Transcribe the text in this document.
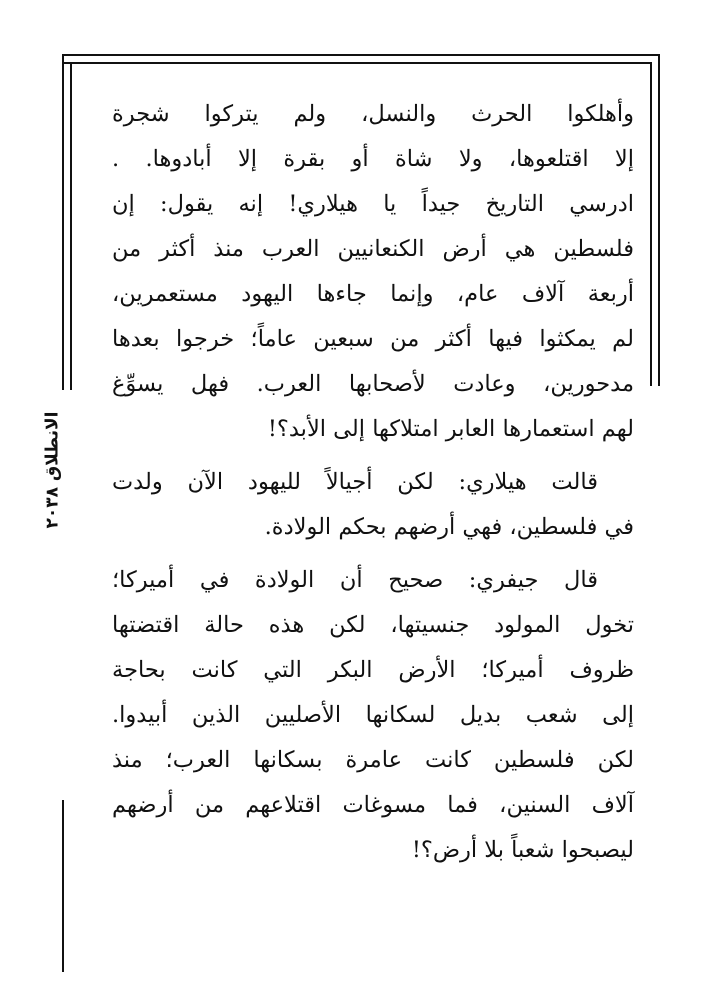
الانطلاق ٢٠٣٨

وأهلكوا الحرث والنسل، ولم يتركوا شجرة
إلا اقتلعوها، ولا شاة أو بقرة إلا أبادوها. .
ادرسي التاريخ جيداً يا هيلاري! إنه يقول: إن
فلسطين هي أرض الكنعانيين العرب منذ أكثر من
أربعة آلاف عام، وإنما جاءها اليهود مستعمرين،
لم يمكثوا فيها أكثر من سبعين عاماً؛ خرجوا بعدها
مدحورين، وعادت لأصحابها العرب. فهل يسوِّغ
لهم استعمارها العابر امتلاكها إلى الأبد؟!

قالت هيلاري: لكن أجيالاً لليهود الآن ولدت
في فلسطين، فهي أرضهم بحكم الولادة.

قال جيفري: صحيح أن الولادة في أميركا؛
تخول المولود جنسيتها، لكن هذه حالة اقتضتها
ظروف أميركا؛ الأرض البكر التي كانت بحاجة
إلى شعب بديل لسكانها الأصليين الذين أبيدوا.
لكن فلسطين كانت عامرة بسكانها العرب؛ منذ
آلاف السنين، فما مسوغات اقتلاعهم من أرضهم
ليصبحوا شعباً بلا أرض؟!
